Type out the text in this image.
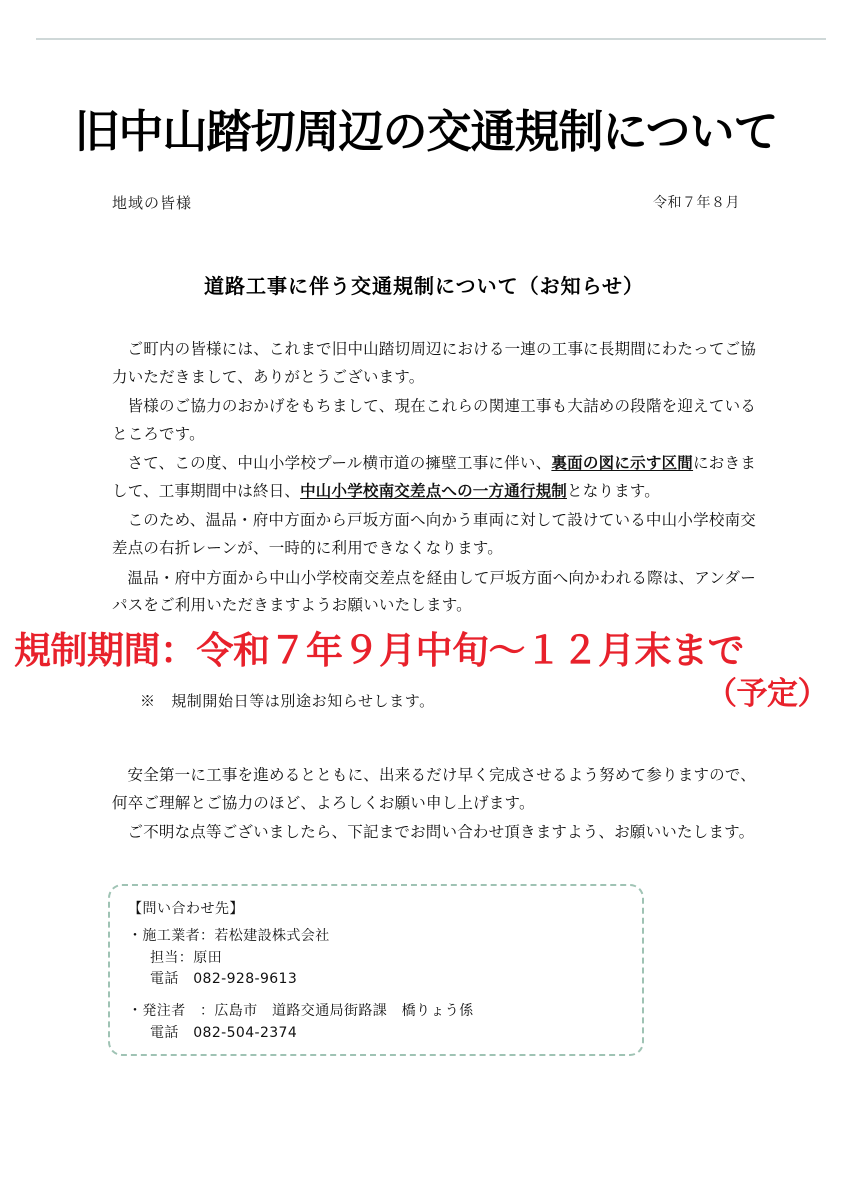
旧中山踏切周辺の交通規制について
地域の皆様	令和７年８月
道路工事に伴う交通規制について（お知らせ）

ご町内の皆様には、これまで旧中山踏切周辺における一連の工事に長期間にわたってご協力いただきまして、ありがとうございます。

皆様のご協力のおかげをもちまして、現在これらの関連工事も大詰めの段階を迎えているところです。

さて、この度、中山小学校プール横市道の擁壁工事に伴い、裏面の図に示す区間におきまして、工事期間中は終日、中山小学校南交差点への一方通行規制となります。

このため、温品・府中方面から戸坂方面へ向かう車両に対して設けている中山小学校南交差点の右折レーンが、一時的に利用できなくなります。

温品・府中方面から中山小学校南交差点を経由して戸坂方面へ向かわれる際は、アンダーパスをご利用いただきますようお願いいたします。

規制期間：令和７年９月中旬～１２月末まで
（予定）
※　規制開始日等は別途お知らせします。

安全第一に工事を進めるとともに、出来るだけ早く完成させるよう努めて参りますので、何卒ご理解とご協力のほど、よろしくお願い申し上げます。

ご不明な点等ございましたら、下記までお問い合わせ頂きますよう、お願いいたします。

【問い合わせ先】
・施工業者：若松建設株式会社
担当：原田
電話　082-928-9613
・発注者　：広島市　道路交通局街路課　橋りょう係
電話　082-504-2374
